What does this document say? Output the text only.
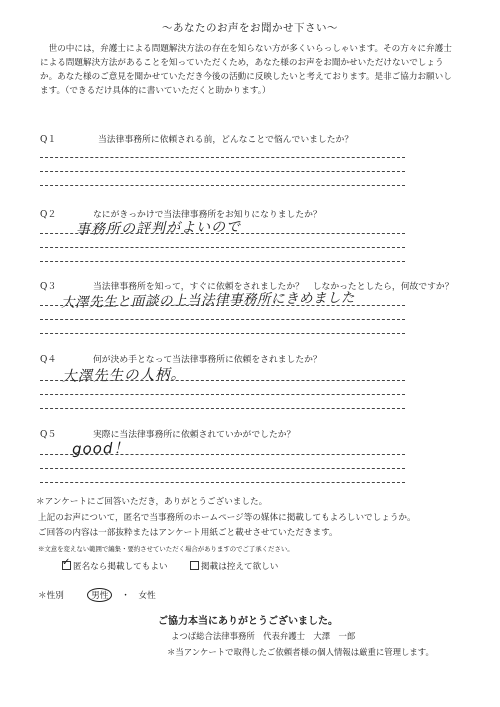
～あなたのお声をお聞かせ下さい～
　世の中には，弁護士による問題解決方法の存在を知らない方が多くいらっしゃいます。その方々に弁護士による問題解決方法があることを知っていただくため，あなた様のお声をお聞かせいただけないでしょうか。あなた様のご意見を聞かせていただき今後の活動に反映したいと考えております。是非ご協力お願いします。（できるだけ具体的に書いていただくと助かります。）
Q１	当法律事務所に依頼される前，どんなことで悩んでいましたか？
Q２	なにがきっかけで当法律事務所をお知りになりましたか？
事務所の評判がよいので
Q３	当法律事務所を知って，すぐに依頼をされましたか？　しなかったとしたら，何故ですか？
大澤先生と面談の上当法律事務所にきめました
Q４	何が決め手となって当法律事務所に依頼をされましたか？
大澤先生の人柄。
Q５	実際に当法律事務所に依頼されていかがでしたか？
good！
＊アンケートにご回答いただき，ありがとうございました。
上記のお声について，匿名で当事務所のホームページ等の媒体に掲載してもよろしいでしょうか。
ご回答の内容は一部抜粋またはアンケート用紙ごと載せさせていただきます。
※文意を変えない範囲で編集・要約させていただく場合がありますのでご了承ください。
✓匿名なら掲載してもよい	掲載は控えて欲しい
＊性別	男性 ・ 女性
ご協力本当にありがとうございました。
よつば総合法律事務所　代表弁護士　大澤　一郎
＊当アンケートで取得したご依頼者様の個人情報は厳重に管理します。
